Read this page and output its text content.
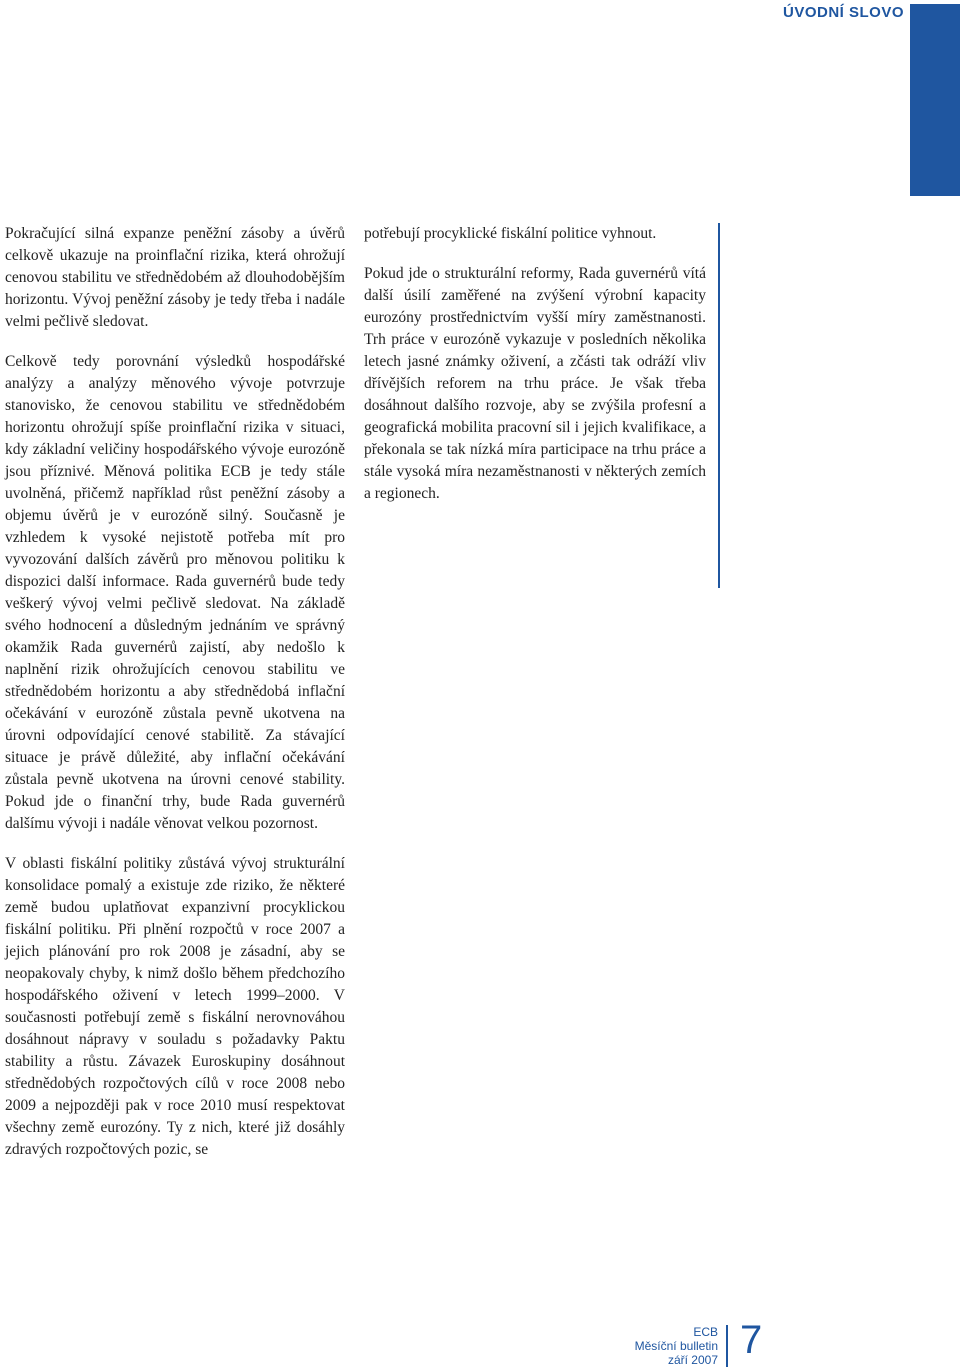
ÚVODNÍ SLOVO

Pokračující silná expanze peněžní zásoby a úvěrů celkově ukazuje na proinflační rizika, která ohrožují cenovou stabilitu ve střednědobém až dlouhodobějším horizontu. Vývoj peněžní zásoby je tedy třeba i nadále velmi pečlivě sledovat.

Celkově tedy porovnání výsledků hospodářské analýzy a analýzy měnového vývoje potvrzuje stanovisko, že cenovou stabilitu ve střednědobém horizontu ohrožují spíše proinflační rizika v situaci, kdy základní veličiny hospodářského vývoje eurozóně jsou příznivé. Měnová politika ECB je tedy stále uvolněná, přičemž například růst peněžní zásoby a objemu úvěrů je v eurozóně silný. Současně je vzhledem k vysoké nejistotě potřeba mít pro vyvozování dalších závěrů pro měnovou politiku k dispozici další informace. Rada guvernérů bude tedy veškerý vývoj velmi pečlivě sledovat. Na základě svého hodnocení a důsledným jednáním ve správný okamžik Rada guvernérů zajistí, aby nedošlo k naplnění rizik ohrožujících cenovou stabilitu ve střednědobém horizontu a aby střednědobá inflační očekávání v eurozóně zůstala pevně ukotvena na úrovni odpovídající cenové stabilitě. Za stávající situace je právě důležité, aby inflační očekávání zůstala pevně ukotvena na úrovni cenové stability. Pokud jde o finanční trhy, bude Rada guvernérů dalšímu vývoji i nadále věnovat velkou pozornost.

V oblasti fiskální politiky zůstává vývoj strukturální konsolidace pomalý a existuje zde riziko, že některé země budou uplatňovat expanzivní procyklickou fiskální politiku. Při plnění rozpočtů v roce 2007 a jejich plánování pro rok 2008 je zásadní, aby se neopakovaly chyby, k nimž došlo během předchozího hospodářského oživení v letech 1999–2000. V současnosti potřebují země s fiskální nerovnováhou dosáhnout nápravy v souladu s požadavky Paktu stability a růstu. Závazek Euroskupiny dosáhnout střednědobých rozpočtových cílů v roce 2008 nebo 2009 a nejpozději pak v roce 2010 musí respektovat všechny země eurozóny. Ty z nich, které již dosáhly zdravých rozpočtových pozic, se

potřebují procyklické fiskální politice vyhnout.

Pokud jde o strukturální reformy, Rada guvernérů vítá další úsilí zaměřené na zvýšení výrobní kapacity eurozóny prostřednictvím vyšší míry zaměstnanosti. Trh práce v eurozóně vykazuje v posledních několika letech jasné známky oživení, a zčásti tak odráží vliv dřívějších reforem na trhu práce. Je však třeba dosáhnout dalšího rozvoje, aby se zvýšila profesní a geografická mobilita pracovní sil i jejich kvalifikace, a překonala se tak nízká míra participace na trhu práce a stále vysoká míra nezaměstnanosti v některých zemích a regionech.

ECB
Měsíční bulletin
září 2007 7
